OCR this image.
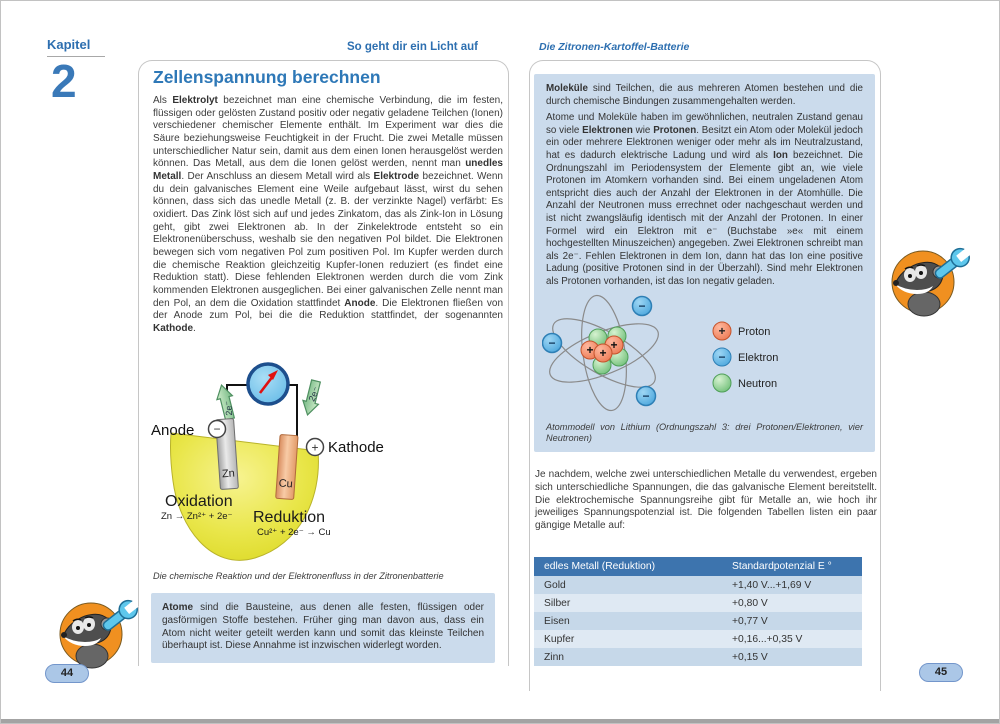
Kapitel
2
So geht dir ein Licht auf
Zellenspannung berechnen
Als Elektrolyt bezeichnet man eine chemische Verbindung, die im festen, flüssigen oder gelösten Zustand positiv oder negativ geladene Teilchen (Ionen) verschiedener chemischer Elemente enthält. Im Experiment war dies die Säure beziehungsweise Feuchtigkeit in der Frucht. Die zwei Metalle müssen unterschiedlicher Natur sein, damit aus dem einen Ionen herausgelöst werden können. Das Metall, aus dem die Ionen gelöst werden, nennt man unedles Metall. Der Anschluss an diesem Metall wird als Elektrode bezeichnet. Wenn du dein galvanisches Element eine Weile aufgebaut lässt, wirst du sehen können, dass sich das unedle Metall (z. B. der verzinkte Nagel) verfärbt: Es oxidiert. Das Zink löst sich auf und jedes Zinkatom, das als Zink-Ion in Lösung geht, gibt zwei Elektronen ab. In der Zinkelektrode entsteht so ein Elektronenüberschuss, weshalb sie den negativen Pol bildet. Die Elektronen bewegen sich vom negativen Pol zum positiven Pol. Im Kupfer werden durch die chemische Reaktion gleichzeitig Kupfer-Ionen reduziert (es findet eine Reduktion statt). Diese fehlenden Elektronen werden durch die vom Zink kommenden Elektronen ausgeglichen. Bei einer galvanischen Zelle nennt man den Pol, an dem die Oxidation stattfindet Anode. Die Elektronen fließen von der Anode zum Pol, bei die die Reduktion stattfindet, der sogenannten Kathode.
2e⁻
2e⁻
Zn
Cu
Anode −
+ Kathode
Oxidation
Zn → Zn²⁺ + 2e⁻ Reduktion
Cu²⁺ + 2e⁻ → Cu
Die chemische Reaktion und der Elektronenfluss in der Zitronenbatterie
Atome sind die Bausteine, aus denen alle festen, flüssigen oder gasförmigen Stoffe bestehen. Früher ging man davon aus, dass ein Atom nicht weiter geteilt werden kann und somit das kleinste Teilchen überhaupt ist. Diese Annahme ist inzwischen widerlegt worden.
44
Die Zitronen-Kartoffel-Batterie

Moleküle sind Teilchen, die aus mehreren Atomen bestehen und die durch chemische Bindungen zusammengehalten werden.

Atome und Moleküle haben im gewöhnlichen, neutralen Zustand genau so viele Elektronen wie Protonen. Besitzt ein Atom oder Molekül jedoch ein oder mehrere Elektronen weniger oder mehr als im Neutralzustand, hat es dadurch elektrische Ladung und wird als Ion bezeichnet. Die Ordnungszahl im Periodensystem der Elemente gibt an, wie viele Protonen im Atomkern vorhanden sind. Bei einem ungeladenen Atom entspricht dies auch der Anzahl der Elektronen in der Atomhülle. Die Anzahl der Neutronen muss errechnet oder nachgeschaut werden und ist nicht zwangsläufig identisch mit der Anzahl der Protonen. In einer Formel wird ein Elektron mit e⁻ (Buchstabe »e« mit einem hochgestellten Minuszeichen) angegeben. Zwei Elektronen schreibt man als 2e⁻. Fehlen Elektronen in dem Ion, dann hat das Ion eine positive Ladung (positive Protonen sind in der Überzahl). Sind mehr Elektronen als Protonen vorhanden, ist das Ion negativ geladen.

+ +
+
−
−
−
+ Proton
− Elektron
Neutron
Atommodell von Lithium (Ordnungszahl 3: drei Protonen/Elektronen, vier Neutronen)
Je nachdem, welche zwei unterschiedlichen Metalle du verwendest, ergeben sich unterschiedliche Spannungen, die das galvanische Element bereitstellt. Die elektrochemische Spannungsreihe gibt für Metalle an, wie hoch ihr jeweiliges Spannungspotenzial ist. Die folgenden Tabellen listen ein paar gängige Metalle auf:
edles Metall (Reduktion)	Standardpotenzial E °
Gold	+1,40 V...+1,69 V
Silber	+0,80 V
Eisen	+0,77 V
Kupfer	+0,16...+0,35 V
Zinn	+0,15 V
45
